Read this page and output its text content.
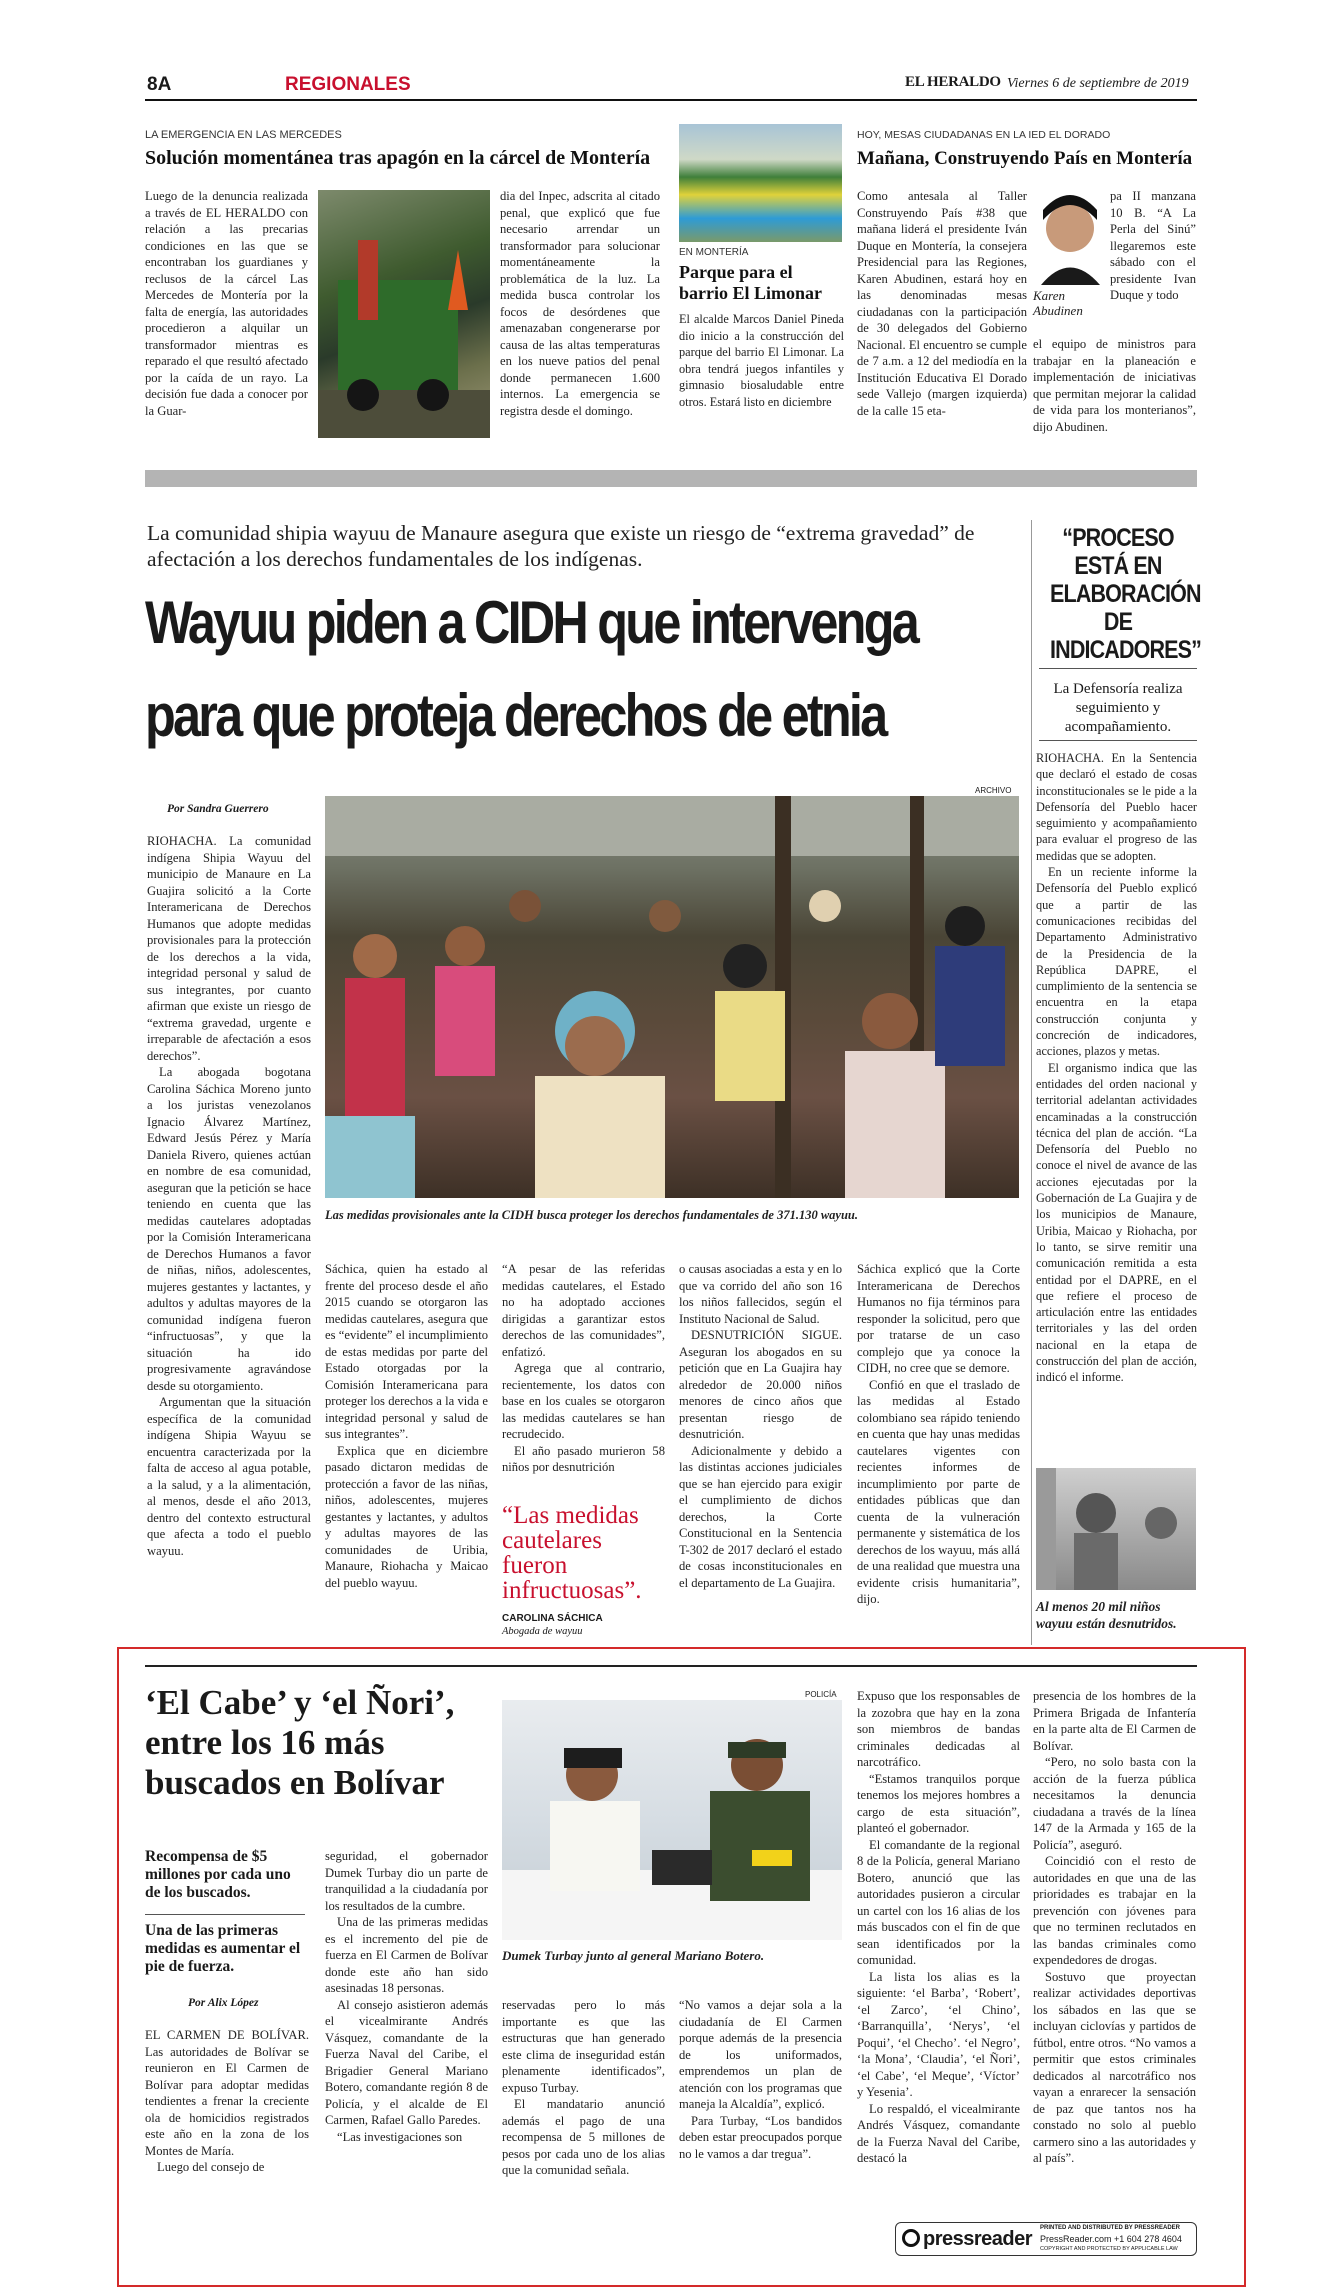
8A	REGIONALES	EL HERALDO Viernes 6 de septiembre de 2019
LA EMERGENCIA EN LAS MERCEDES
Solución momentánea tras apagón en la cárcel de Montería
Luego de la denuncia realizada a través de EL HERALDO con relación a las precarias condiciones en las que se encontraban los guardianes y reclusos de la cárcel Las Mercedes de Montería por la falta de energía, las autoridades procedieron a alquilar un transformador mientras es reparado el que resultó afectado por la caída de un rayo. La decisión fue dada a conocer por la Guar-
dia del Inpec, adscrita al citado penal, que explicó que fue necesario arrendar un transformador para solucionar momentáneamente la problemática de la luz. La medida busca controlar los focos de desórdenes que amenazaban congenerarse por causa de las altas temperaturas en los nueve patios del penal donde permanecen 1.600 internos. La emergencia se registra desde el domingo.
EN MONTERÍA
Parque para el barrio El Limonar
El alcalde Marcos Daniel Pineda dio inicio a la construcción del parque del barrio El Limonar. La obra tendrá juegos infantiles y gimnasio biosaludable entre otros. Estará listo en diciembre
HOY, MESAS CIUDADANAS EN LA IED EL DORADO
Mañana, Construyendo País en Montería
Como antesala al Taller Construyendo País #38 que mañana liderá el presidente Iván Duque en Montería, la consejera Presidencial para las Regiones, Karen Abudinen, estará hoy en las denominadas mesas ciudadanas con la participación de 30 delegados del Gobierno Nacional. El encuentro se cumple de 7 a.m. a 12 del mediodía en la Institución Educativa El Dorado sede Vallejo (margen izquierda) de la calle 15 eta-
Karen Abudinen
pa II manzana 10 B. “A La Perla del Sinú” llegaremos este sábado con el presidente Ivan Duque y todo
el equipo de ministros para trabajar en la planeación e implementación de iniciativas que permitan mejorar la calidad de vida para los monterianos”, dijo Abudinen.
La comunidad shipia wayuu de Manaure asegura que existe un riesgo de “extrema gravedad” de afectación a los derechos fundamentales de los indígenas.
Wayuu piden a CIDH que intervenga
para que proteja derechos de etnia
Por Sandra Guerrero
ARCHIVO
Las medidas provisionales ante la CIDH busca proteger los derechos fundamentales de 371.130 wayuu.

RIOHACHA. La comunidad indígena Shipia Wayuu del municipio de Manaure en La Guajira solicitó a la Corte Interamericana de Derechos Humanos que adopte medidas provisionales para la protección de los derechos a la vida, integridad personal y salud de sus integrantes, por cuanto afirman que existe un riesgo de “extrema gravedad, urgente e irreparable de afectación a esos derechos”.

La abogada bogotana Carolina Sáchica Moreno junto a los juristas venezolanos Ignacio Álvarez Martínez, Edward Jesús Pérez y María Daniela Rivero, quienes actúan en nombre de esa comunidad, aseguran que la petición se hace teniendo en cuenta que las medidas cautelares adoptadas por la Comisión Interamericana de Derechos Humanos a favor de niñas, niños, adolescentes, mujeres gestantes y lactantes, y adultos y adultas mayores de la comunidad indígena fueron “infructuosas”, y que la situación ha ido progresivamente agravándose desde su otorgamiento.

Argumentan que la situación específica de la comunidad indígena Shipia Wayuu se encuentra caracterizada por la falta de acceso al agua potable, a la salud, y a la alimentación, al menos, desde el año 2013, dentro del contexto estructural que afecta a todo el pueblo wayuu.

Sáchica, quien ha estado al frente del proceso desde el año 2015 cuando se otorgaron las medidas cautelares, asegura que es “evidente” el incumplimiento de estas medidas por parte del Estado otorgadas por la Comisión Interamericana para proteger los derechos a la vida e integridad personal y salud de sus integrantes”.

Explica que en diciembre pasado dictaron medidas de protección a favor de las niñas, niños, adolescentes, mujeres gestantes y lactantes, y adultos y adultas mayores de las comunidades de Uribia, Manaure, Riohacha y Maicao del pueblo wayuu.

“A pesar de las referidas medidas cautelares, el Estado no ha adoptado acciones dirigidas a garantizar estos derechos de las comunidades”, enfatizó.

Agrega que al contrario, recientemente, los datos con base en los cuales se otorgaron las medidas cautelares se han recrudecido.

El año pasado murieron 58 niños por desnutrición

“Las medidas cautelares fueron infructuosas”.
CAROLINA SÁCHICA
Abogada de wayuu

o causas asociadas a esta y en lo que va corrido del año son 16 los niños fallecidos, según el Instituto Nacional de Salud.

DESNUTRICIÓN SIGUE. Aseguran los abogados en su petición que en La Guajira hay alrededor de 20.000 niños menores de cinco años que presentan riesgo de desnutrición.

Adicionalmente y debido a las distintas acciones judiciales que se han ejercido para exigir el cumplimiento de dichos derechos, la Corte Constitucional en la Sentencia T-302 de 2017 declaró el estado de cosas inconstitucionales en el departamento de La Guajira.

Sáchica explicó que la Corte Interamericana de Derechos Humanos no fija términos para responder la solicitud, pero que por tratarse de un caso complejo que ya conoce la CIDH, no cree que se demore.

Confió en que el traslado de las medidas al Estado colombiano sea rápido teniendo en cuenta que hay unas medidas cautelares vigentes con recientes informes de incumplimiento por parte de entidades públicas que dan cuenta de la vulneración permanente y sistemática de los derechos de los wayuu, más allá de una realidad que muestra una evidente crisis humanitaria”, dijo.

“PROCESO ESTÁ EN ELABORACIÓN DE INDICADORES”
La Defensoría realiza seguimiento y acompañamiento.

RIOHACHA. En la Sentencia que declaró el estado de cosas inconstitucionales se le pide a la Defensoría del Pueblo hacer seguimiento y acompañamiento para evaluar el progreso de las medidas que se adopten.

En un reciente informe la Defensoría del Pueblo explicó que a partir de las comunicaciones recibidas del Departamento Administrativo de la Presidencia de la República DAPRE, el cumplimiento de la sentencia se encuentra en la etapa construcción conjunta y concreción de indicadores, acciones, plazos y metas.

El organismo indica que las entidades del orden nacional y territorial adelantan actividades encaminadas a la construcción técnica del plan de acción. “La Defensoría del Pueblo no conoce el nivel de avance de las acciones ejecutadas por la Gobernación de La Guajira y de los municipios de Manaure, Uribia, Maicao y Riohacha, por lo tanto, se sirve remitir una comunicación remitida a esta entidad por el DAPRE, en el que refiere el proceso de articulación entre las entidades territoriales y las del orden nacional en la etapa de construcción del plan de acción, indicó el informe.

Al menos 20 mil niños wayuu están desnutridos.
‘El Cabe’ y ‘el Ñori’, entre los 16 más buscados en Bolívar
Recompensa de $5 millones por cada uno de los buscados.
Una de las primeras medidas es aumentar el pie de fuerza.
Por Alix López

EL CARMEN DE BOLÍVAR. Las autoridades de Bolívar se reunieron en El Carmen de Bolívar para adoptar medidas tendientes a frenar la creciente ola de homicidios registrados este año en la zona de los Montes de María.

Luego del consejo de

seguridad, el gobernador Dumek Turbay dio un parte de tranquilidad a la ciudadanía por los resultados de la cumbre.

Una de las primeras medidas es el incremento del pie de fuerza en El Carmen de Bolívar donde este año han sido asesinadas 18 personas.

Al consejo asistieron además el vicealmirante Andrés Vásquez, comandante de la Fuerza Naval del Caribe, el Brigadier General Mariano Botero, comandante región 8 de Policía, y el alcalde de El Carmen, Rafael Gallo Paredes.

“Las investigaciones son

POLICÍA
Dumek Turbay junto al general Mariano Botero.

reservadas pero lo más importante es que las estructuras que han generado este clima de inseguridad están plenamente identificados”, expuso Turbay.

El mandatario anunció además el pago de una recompensa de 5 millones de pesos por cada uno de los alias que la comunidad señala.

“No vamos a dejar sola a la ciudadanía de El Carmen porque además de la presencia de los uniformados, emprendemos un plan de atención con los programas que maneja la Alcaldía”, explicó.

Para Turbay, “Los bandidos deben estar preocupados porque no le vamos a dar tregua”.

Expuso que los responsables de la zozobra que hay en la zona son miembros de bandas criminales dedicadas al narcotráfico.

“Estamos tranquilos porque tenemos los mejores hombres a cargo de esta situación”, planteó el gobernador.

El comandante de la regional 8 de la Policía, general Mariano Botero, anunció que las autoridades pusieron a circular un cartel con los 16 alias de los más buscados con el fin de que sean identificados por la comunidad.

La lista los alias es la siguiente: ‘el Barba’, ‘Robert’, ‘el Zarco’, ‘el Chino’, ‘Barranquilla’, ‘Nerys’, ‘el Poqui’, ‘el Checho’. ‘el Negro’, ‘la Mona’, ‘Claudia’, ‘el Ñori’, ‘el Cabe’, ‘el Meque’, ‘Víctor’ y Yesenia’.

Lo respaldó, el vicealmirante Andrés Vásquez, comandante de la Fuerza Naval del Caribe, destacó la

presencia de los hombres de la Primera Brigada de Infantería en la parte alta de El Carmen de Bolívar.

“Pero, no solo basta con la acción de la fuerza pública necesitamos la denuncia ciudadana a través de la línea 147 de la Armada y 165 de la Policía”, aseguró.

Coincidió con el resto de autoridades en que una de las prioridades es trabajar en la prevención con jóvenes para que no terminen reclutados en las bandas criminales como expendedores de drogas.

Sostuvo que proyectan realizar actividades deportivas los sábados en las que se incluyan ciclovías y partidos de fútbol, entre otros. “No vamos a permitir que estos criminales dedicados al narcotráfico nos vayan a enrarecer la sensación de paz que tantos nos ha constado no solo al pueblo carmero sino a las autoridades y al país”.

PRINTED AND DISTRIBUTED BY PRESSREADER
pressreader PressReader.com +1 604 278 4604
COPYRIGHT AND PROTECTED BY APPLICABLE LAW
